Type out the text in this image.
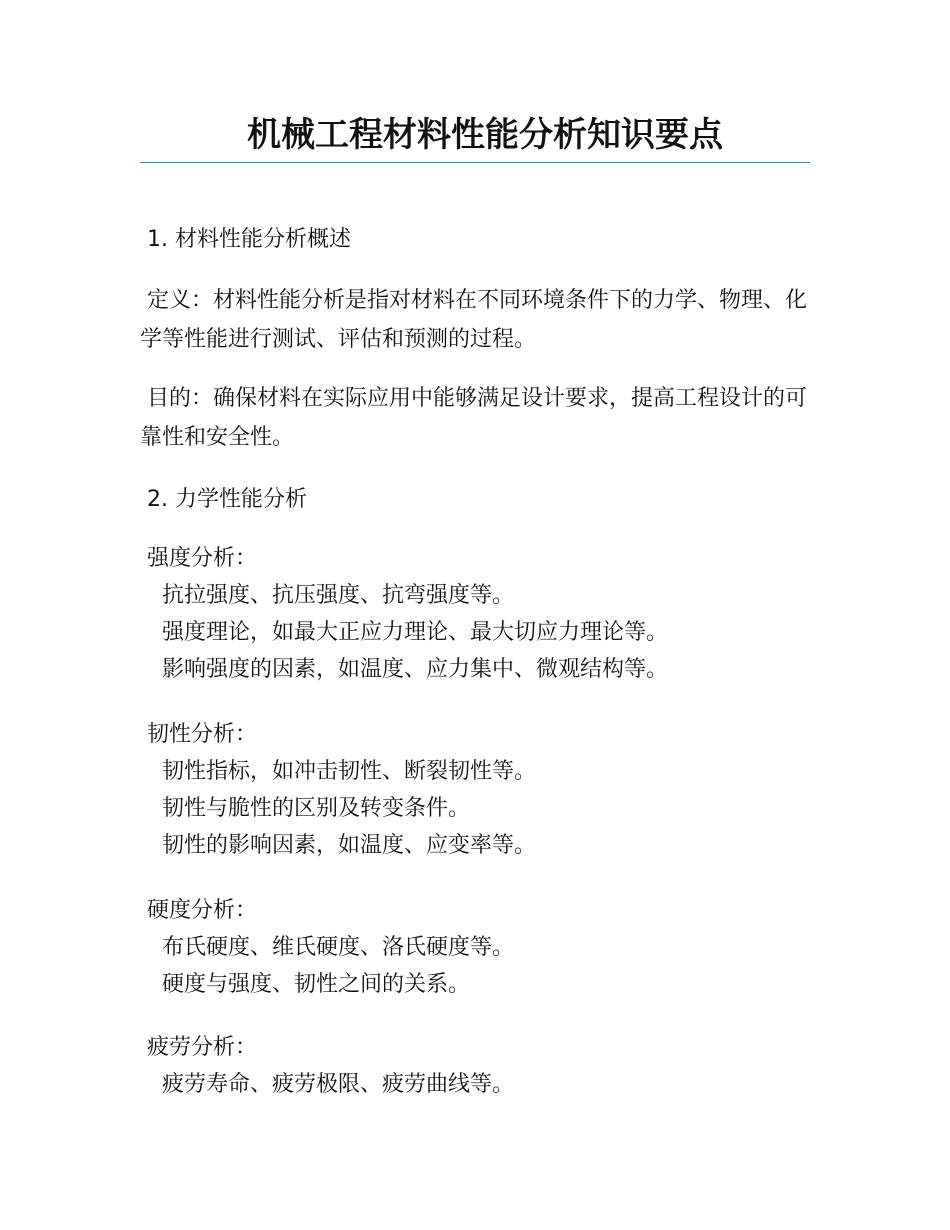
机械工程材料性能分析知识要点
1. 材料性能分析概述
定义：材料性能分析是指对材料在不同环境条件下的力学、物理、化学等性能进行测试、评估和预测的过程。
目的：确保材料在实际应用中能够满足设计要求，提高工程设计的可靠性和安全性。
2. 力学性能分析
强度分析：
抗拉强度、抗压强度、抗弯强度等。
强度理论，如最大正应力理论、最大切应力理论等。
影响强度的因素，如温度、应力集中、微观结构等。
韧性分析：
韧性指标，如冲击韧性、断裂韧性等。
韧性与脆性的区别及转变条件。
韧性的影响因素，如温度、应变率等。
硬度分析：
布氏硬度、维氏硬度、洛氏硬度等。
硬度与强度、韧性之间的关系。
疲劳分析：
疲劳寿命、疲劳极限、疲劳曲线等。
